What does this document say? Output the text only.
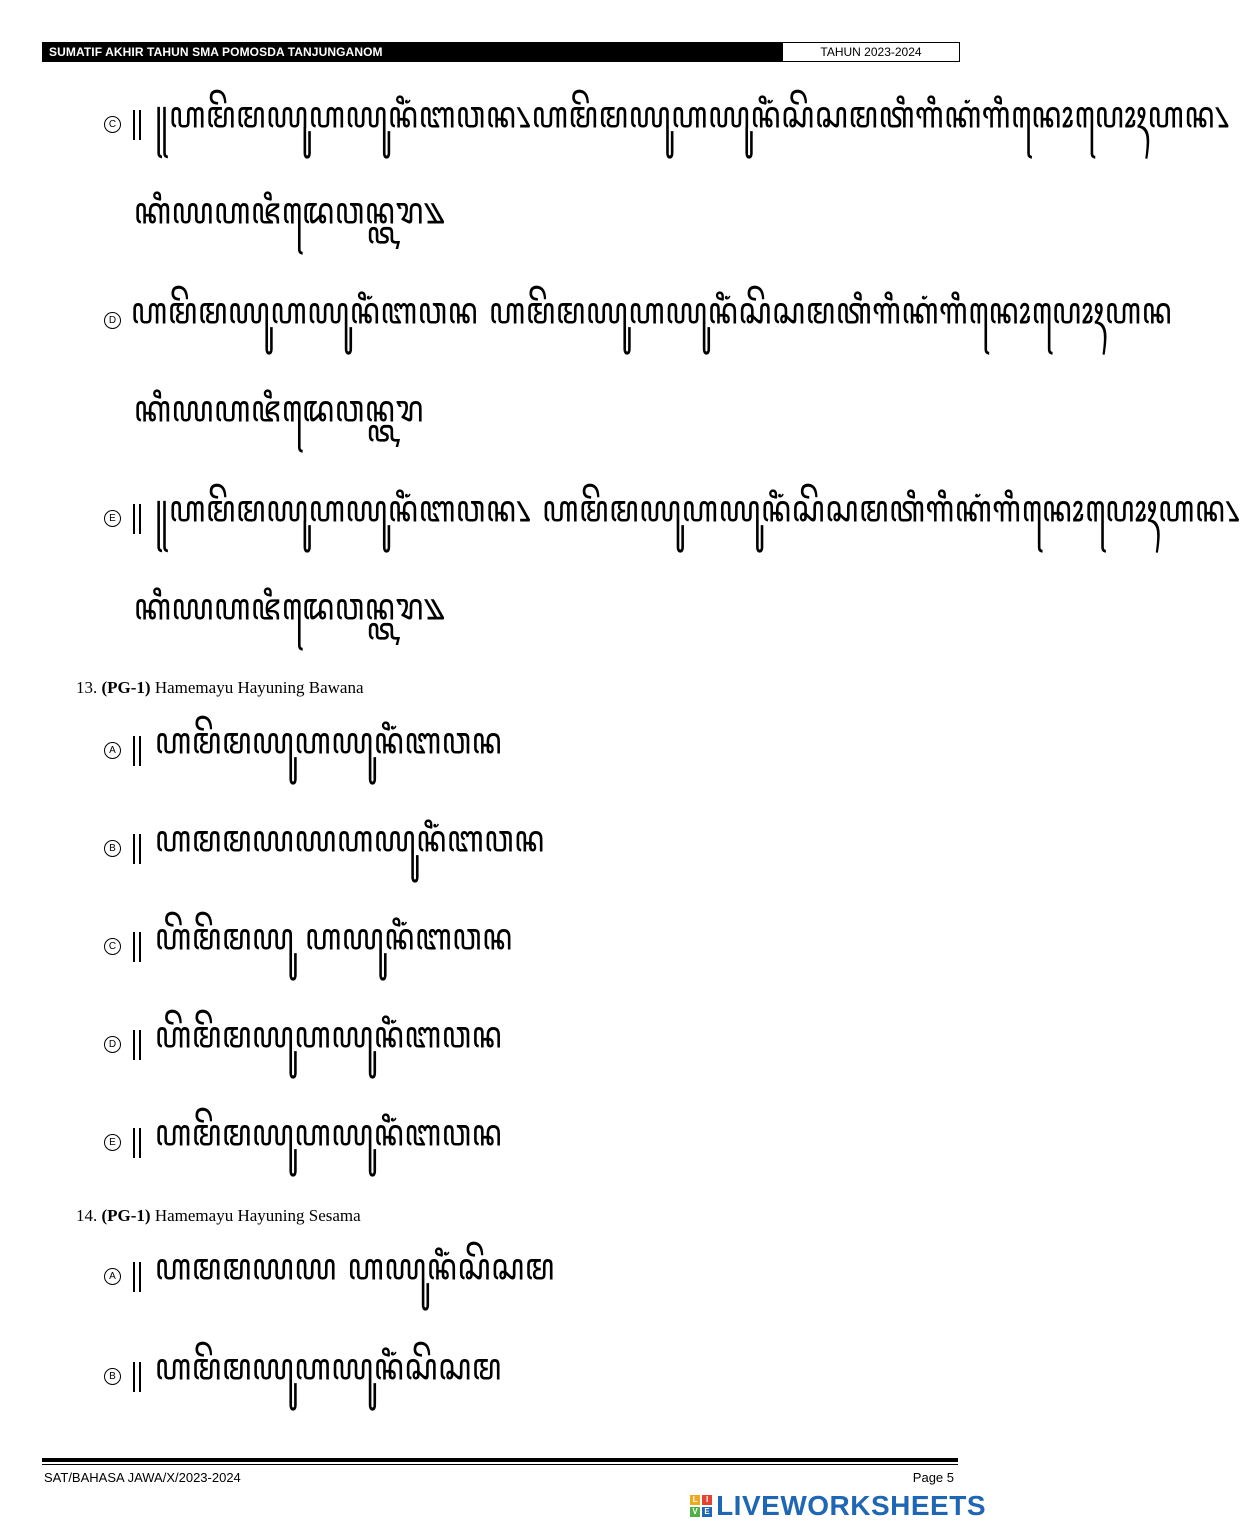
SUMATIF AKHIR TAHUN SMA POMOSDA TANJUNGANOM	TAHUN 2023-2024
C ꧋ꦲꦩꦼꦩꦪꦸꦲꦪꦸꦤꦶꦁ​ꦧꦮꦤ꧈ꦲꦩꦼꦩꦪꦸꦲꦪꦸꦤꦶꦁꦱꦼꦱꦩꦠꦶꦒꦶꦏꦁ​ꦒꦶꦤꦺꦴꦥꦺꦴꦃꦲꦤ꧈
ꦏꦶꦪꦲꦗꦶꦢꦺꦮꦤ꧀ꦠꦫ꧉
D ꦲꦩꦼꦩꦪꦸꦲꦪꦸꦤꦶꦁ​ꦧꦮꦤ ꦲꦩꦼꦩꦪꦸꦲꦪꦸꦤꦶꦁꦱꦼꦱꦩꦠꦶꦒꦶꦏꦁ​ꦒꦶꦤꦺꦴꦥꦺꦴꦃꦲꦤ
ꦏꦶꦪꦲꦗꦶꦢꦺꦮꦤ꧀ꦠꦫ
E ꧋ꦲꦩꦼꦩꦪꦸꦲꦪꦸꦤꦶꦁ​ꦧꦮꦤ꧈ ꦲꦩꦼꦩꦪꦸꦲꦪꦸꦤꦶꦁꦱꦼꦱꦩꦠꦶꦒꦶꦏꦁ​ꦒꦶꦤꦺꦴꦥꦺꦴꦃꦲꦤ꧈
ꦏꦶꦪꦲꦗꦶꦢꦺꦮꦤ꧀ꦠꦫ꧉
13. (PG-1) Hamemayu Hayuning Bawana
A ꦲꦩꦼꦩꦪꦸꦲꦪꦸꦤꦶꦁꦧꦮꦤ
B ꦲꦩꦩꦪꦪꦲꦪꦸꦤꦶꦁꦧꦮꦤ
C ꦲꦼꦩꦼꦩꦪꦸ ꦲꦪꦸꦤꦶꦁꦧꦮꦤ
D ꦲꦼꦩꦼꦩꦪꦸꦲꦪꦸꦤꦶꦁꦧꦮꦤ
E ꦲꦩꦼꦩꦪꦸꦲꦪꦸꦤꦶꦁꦧꦮꦤ
14. (PG-1) Hamemayu Hayuning Sesama
A ꦲꦩꦩꦪꦪ ꦲꦪꦸꦤꦶꦁꦱꦼꦱꦩ
B ꦲꦩꦼꦩꦪꦸꦲꦪꦸꦤꦶꦁꦱꦼꦱꦩ
SAT/BAHASA JAWA/X/2023-2024	Page 5
L	I
V E LIVEWORKSHEETS
